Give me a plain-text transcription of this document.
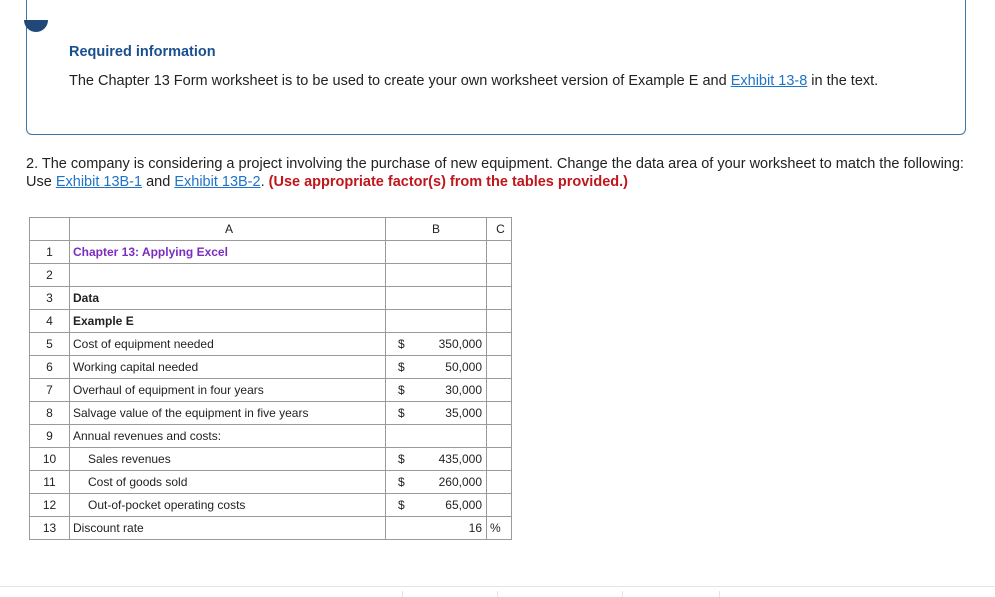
Required information
The Chapter 13 Form worksheet is to be used to create your own worksheet version of Example E and Exhibit 13-8 in the text.
2. The company is considering a project involving the purchase of new equipment. Change the data area of your worksheet to match the following: Use Exhibit 13B-1 and Exhibit 13B-2. (Use appropriate factor(s) from the tables provided.)
	A	B	C
1	Chapter 13: Applying Excel	

2		

3	Data	

4	Example E	

5	Cost of equipment needed	$ 350,000	

6	Working capital needed	$ 50,000	

7	Overhaul of equipment in four years	$ 30,000	

8	Salvage value of the equipment in five years	$ 35,000	

9	Annual revenues and costs:	

10	Sales revenues	$ 435,000	

11	Cost of goods sold	$ 260,000	

12	Out-of-pocket operating costs	$ 65,000	

13	Discount rate	16	%
